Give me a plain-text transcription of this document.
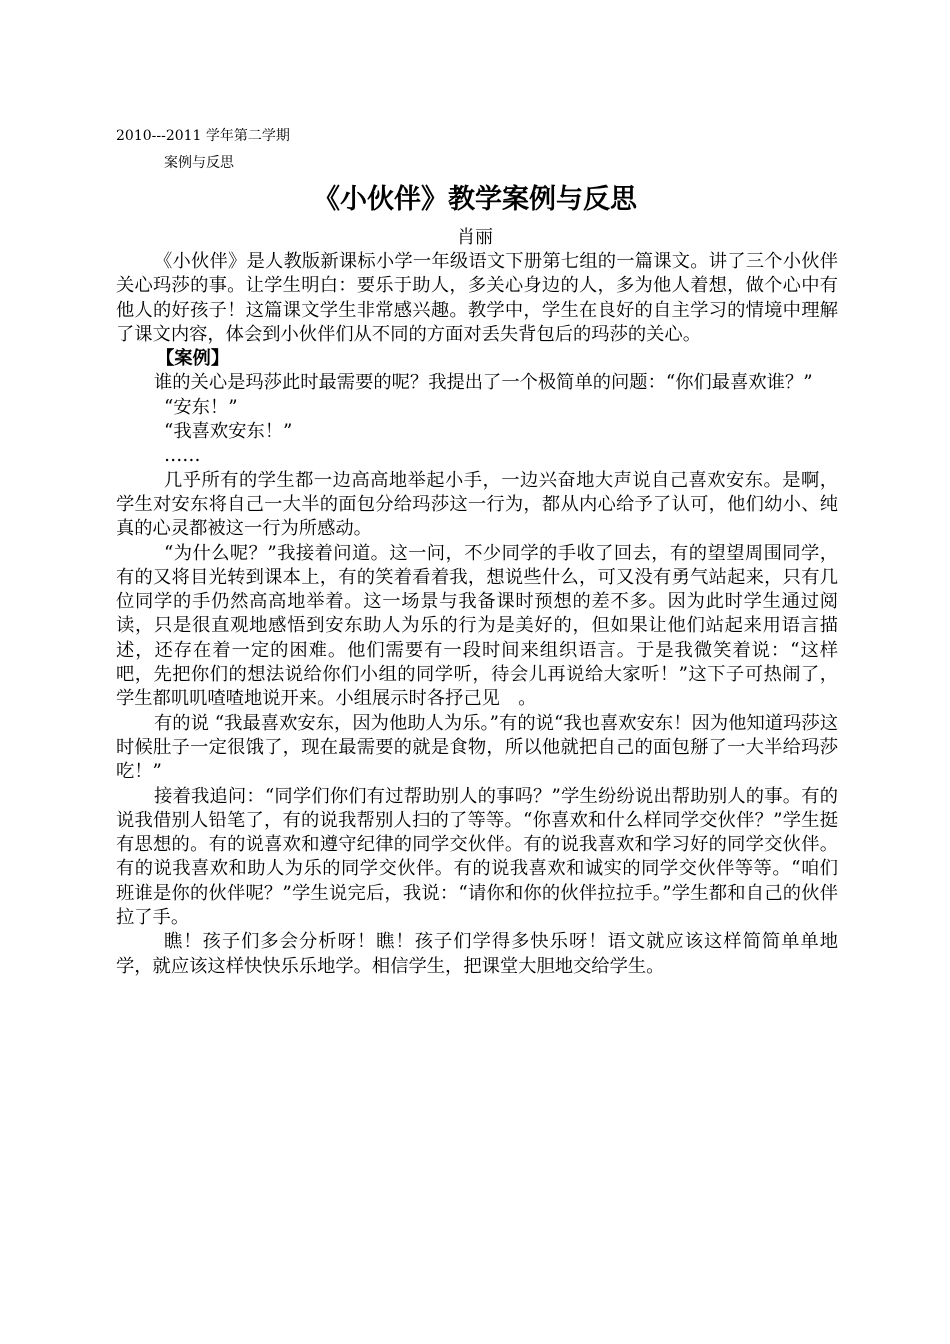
2010---2011 学年第二学期
案例与反思
《小伙伴》教学案例与反思
肖丽

《小伙伴》是人教版新课标小学一年级语文下册第七组的一篇课文。讲了三个小伙伴关心玛莎的事。让学生明白：要乐于助人，多关心身边的人，多为他人着想，做个心中有他人的好孩子！这篇课文学生非常感兴趣。教学中，学生在良好的自主学习的情境中理解了课文内容，体会到小伙伴们从不同的方面对丢失背包后的玛莎的关心。

【案例】

谁的关心是玛莎此时最需要的呢？我提出了一个极简单的问题：“你们最喜欢谁？”

“安东！”

“我喜欢安东！”

……

几乎所有的学生都一边高高地举起小手，一边兴奋地大声说自己喜欢安东。是啊，学生对安东将自己一大半的面包分给玛莎这一行为，都从内心给予了认可，他们幼小、纯真的心灵都被这一行为所感动。

“为什么呢？”我接着问道。这一问，不少同学的手收了回去，有的望望周围同学，有的又将目光转到课本上，有的笑着看着我，想说些什么，可又没有勇气站起来，只有几位同学的手仍然高高地举着。这一场景与我备课时预想的差不多。因为此时学生通过阅读，只是很直观地感悟到安东助人为乐的行为是美好的，但如果让他们站起来用语言描述，还存在着一定的困难。他们需要有一段时间来组织语言。于是我微笑着说：“这样吧，先把你们的想法说给你们小组的同学听，待会儿再说给大家听！”这下子可热闹了，学生都叽叽喳喳地说开来。小组展示时各抒己见　。

有的说 “我最喜欢安东，因为他助人为乐。”有的说“我也喜欢安东！因为他知道玛莎这时候肚子一定很饿了，现在最需要的就是食物，所以他就把自己的面包掰了一大半给玛莎吃！”

接着我追问：“同学们你们有过帮助别人的事吗？”学生纷纷说出帮助别人的事。有的说我借别人铅笔了，有的说我帮别人扫的了等等。“你喜欢和什么样同学交伙伴？”学生挺有思想的。有的说喜欢和遵守纪律的同学交伙伴。有的说我喜欢和学习好的同学交伙伴。有的说我喜欢和助人为乐的同学交伙伴。有的说我喜欢和诚实的同学交伙伴等等。“咱们班谁是你的伙伴呢？”学生说完后，我说：“请你和你的伙伴拉拉手。”学生都和自己的伙伴拉了手。

瞧！孩子们多会分析呀！瞧！孩子们学得多快乐呀！语文就应该这样简简单单地学，就应该这样快快乐乐地学。相信学生，把课堂大胆地交给学生。
